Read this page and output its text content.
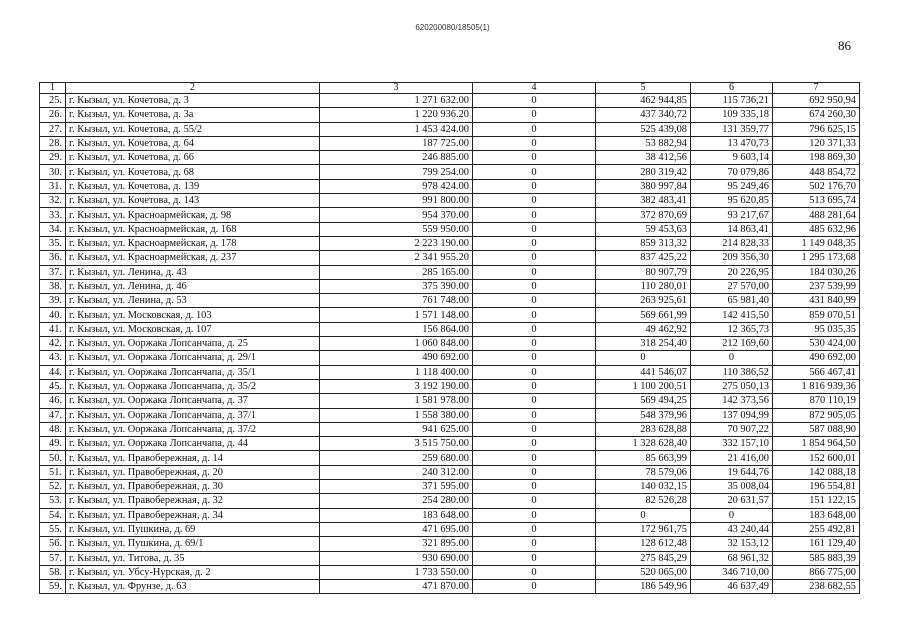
620200080/18505(1)
86
1	2	3	4	5	6	7
25.	г. Кызыл, ул. Кочетова, д. 3	1 271 632.00	0	462 944,85	115 736,21	692 950,94
26.	г. Кызыл, ул. Кочетова, д. 3а	1 220 936.20	0	437 340,72	109 335,18	674 260,30
27.	г. Кызыл, ул. Кочетова, д. 55/2	1 453 424.00	0	525 439,08	131 359,77	796 625,15
28.	г. Кызыл, ул. Кочетова, д. 64	187 725.00	0	53 882,94	13 470,73	120 371,33
29.	г. Кызыл, ул. Кочетова, д. 66	246 885.00	0	38 412,56	9 603,14	198 869,30
30.	г. Кызыл, ул. Кочетова, д. 68	799 254.00	0	280 319,42	70 079,86	448 854,72
31.	г. Кызыл, ул. Кочетова, д. 139	978 424.00	0	380 997,84	95 249,46	502 176,70
32.	г. Кызыл, ул. Кочетова, д. 143	991 800.00	0	382 483,41	95 620,85	513 695,74
33.	г. Кызыл, ул. Красноармейская, д. 98	954 370.00	0	372 870,69	93 217,67	488 281,64
34.	г. Кызыл, ул. Красноармейская, д. 168	559 950.00	0	59 453,63	14 863,41	485 632,96
35.	г. Кызыл, ул. Красноармейская, д. 178	2 223 190.00	0	859 313,32	214 828,33	1 149 048,35
36.	г. Кызыл, ул. Красноармейская, д. 237	2 341 955.20	0	837 425,22	209 356,30	1 295 173,68
37.	г. Кызыл, ул. Ленина, д. 43	285 165.00	0	80 907,79	20 226,95	184 030,26
38.	г. Кызыл, ул. Ленина, д. 46	375 390.00	0	110 280,01	27 570,00	237 539,99
39.	г. Кызыл, ул. Ленина, д. 53	761 748.00	0	263 925,61	65 981,40	431 840,99
40.	г. Кызыл, ул. Московская, д. 103	1 571 148.00	0	569 661,99	142 415,50	859 070,51
41.	г. Кызыл, ул. Московская, д. 107	156 864.00	0	49 462,92	12 365,73	95 035,35
42.	г. Кызыл, ул. Ооржака Лопсанчапа, д. 25	1 060 848.00	0	318 254,40	212 169,60	530 424,00
43.	г. Кызыл, ул. Ооржака Лопсанчапа, д. 29/1	490 692.00	0	0	0	490 692,00
44.	г. Кызыл, ул. Ооржака Лопсанчапа, д. 35/1	1 118 400.00	0	441 546,07	110 386,52	566 467,41
45.	г. Кызыл, ул. Ооржака Лопсанчапа, д. 35/2	3 192 190.00	0	1 100 200,51	275 050,13	1 816 939,36
46.	г. Кызыл, ул. Ооржака Лопсанчапа, д. 37	1 581 978.00	0	569 494,25	142 373,56	870 110,19
47.	г. Кызыл, ул. Ооржака Лопсанчапа, д. 37/1	1 558 380.00	0	548 379,96	137 094,99	872 905,05
48.	г. Кызыл, ул. Ооржака Лопсанчапа, д. 37/2	941 625.00	0	283 628,88	70 907,22	587 088,90
49.	г. Кызыл, ул. Ооржака Лопсанчапа, д. 44	3 515 750.00	0	1 328 628,40	332 157,10	1 854 964,50
50.	г. Кызыл, ул. Правобережная, д. 14	259 680.00	0	85 663,99	21 416,00	152 600,01
51.	г. Кызыл, ул. Правобережная, д. 20	240 312.00	0	78 579,06	19 644,76	142 088,18
52.	г. Кызыл, ул. Правобережная, д. 30	371 595.00	0	140 032,15	35 008,04	196 554,81
53.	г. Кызыл, ул. Правобережная, д. 32	254 280.00	0	82 526,28	20 631,57	151 122,15
54.	г. Кызыл, ул. Правобережная, д. 34	183 648.00	0	0	0	183 648,00
55.	г. Кызыл, ул. Пушкина, д. 69	471 695.00	0	172 961,75	43 240,44	255 492,81
56.	г. Кызыл, ул. Пушкина, д. 69/1	321 895.00	0	128 612,48	32 153,12	161 129,40
57.	г. Кызыл, ул. Титова, д. 35	930 690.00	0	275 845,29	68 961,32	585 883,39
58.	г. Кызыл, ул. Убсу-Нурская, д. 2	1 733 550.00	0	520 065,00	346 710,00	866 775,00
59.	г. Кызыл, ул. Фрунзе, д. 63	471 870.00	0	186 549,96	46 637,49	238 682,55
